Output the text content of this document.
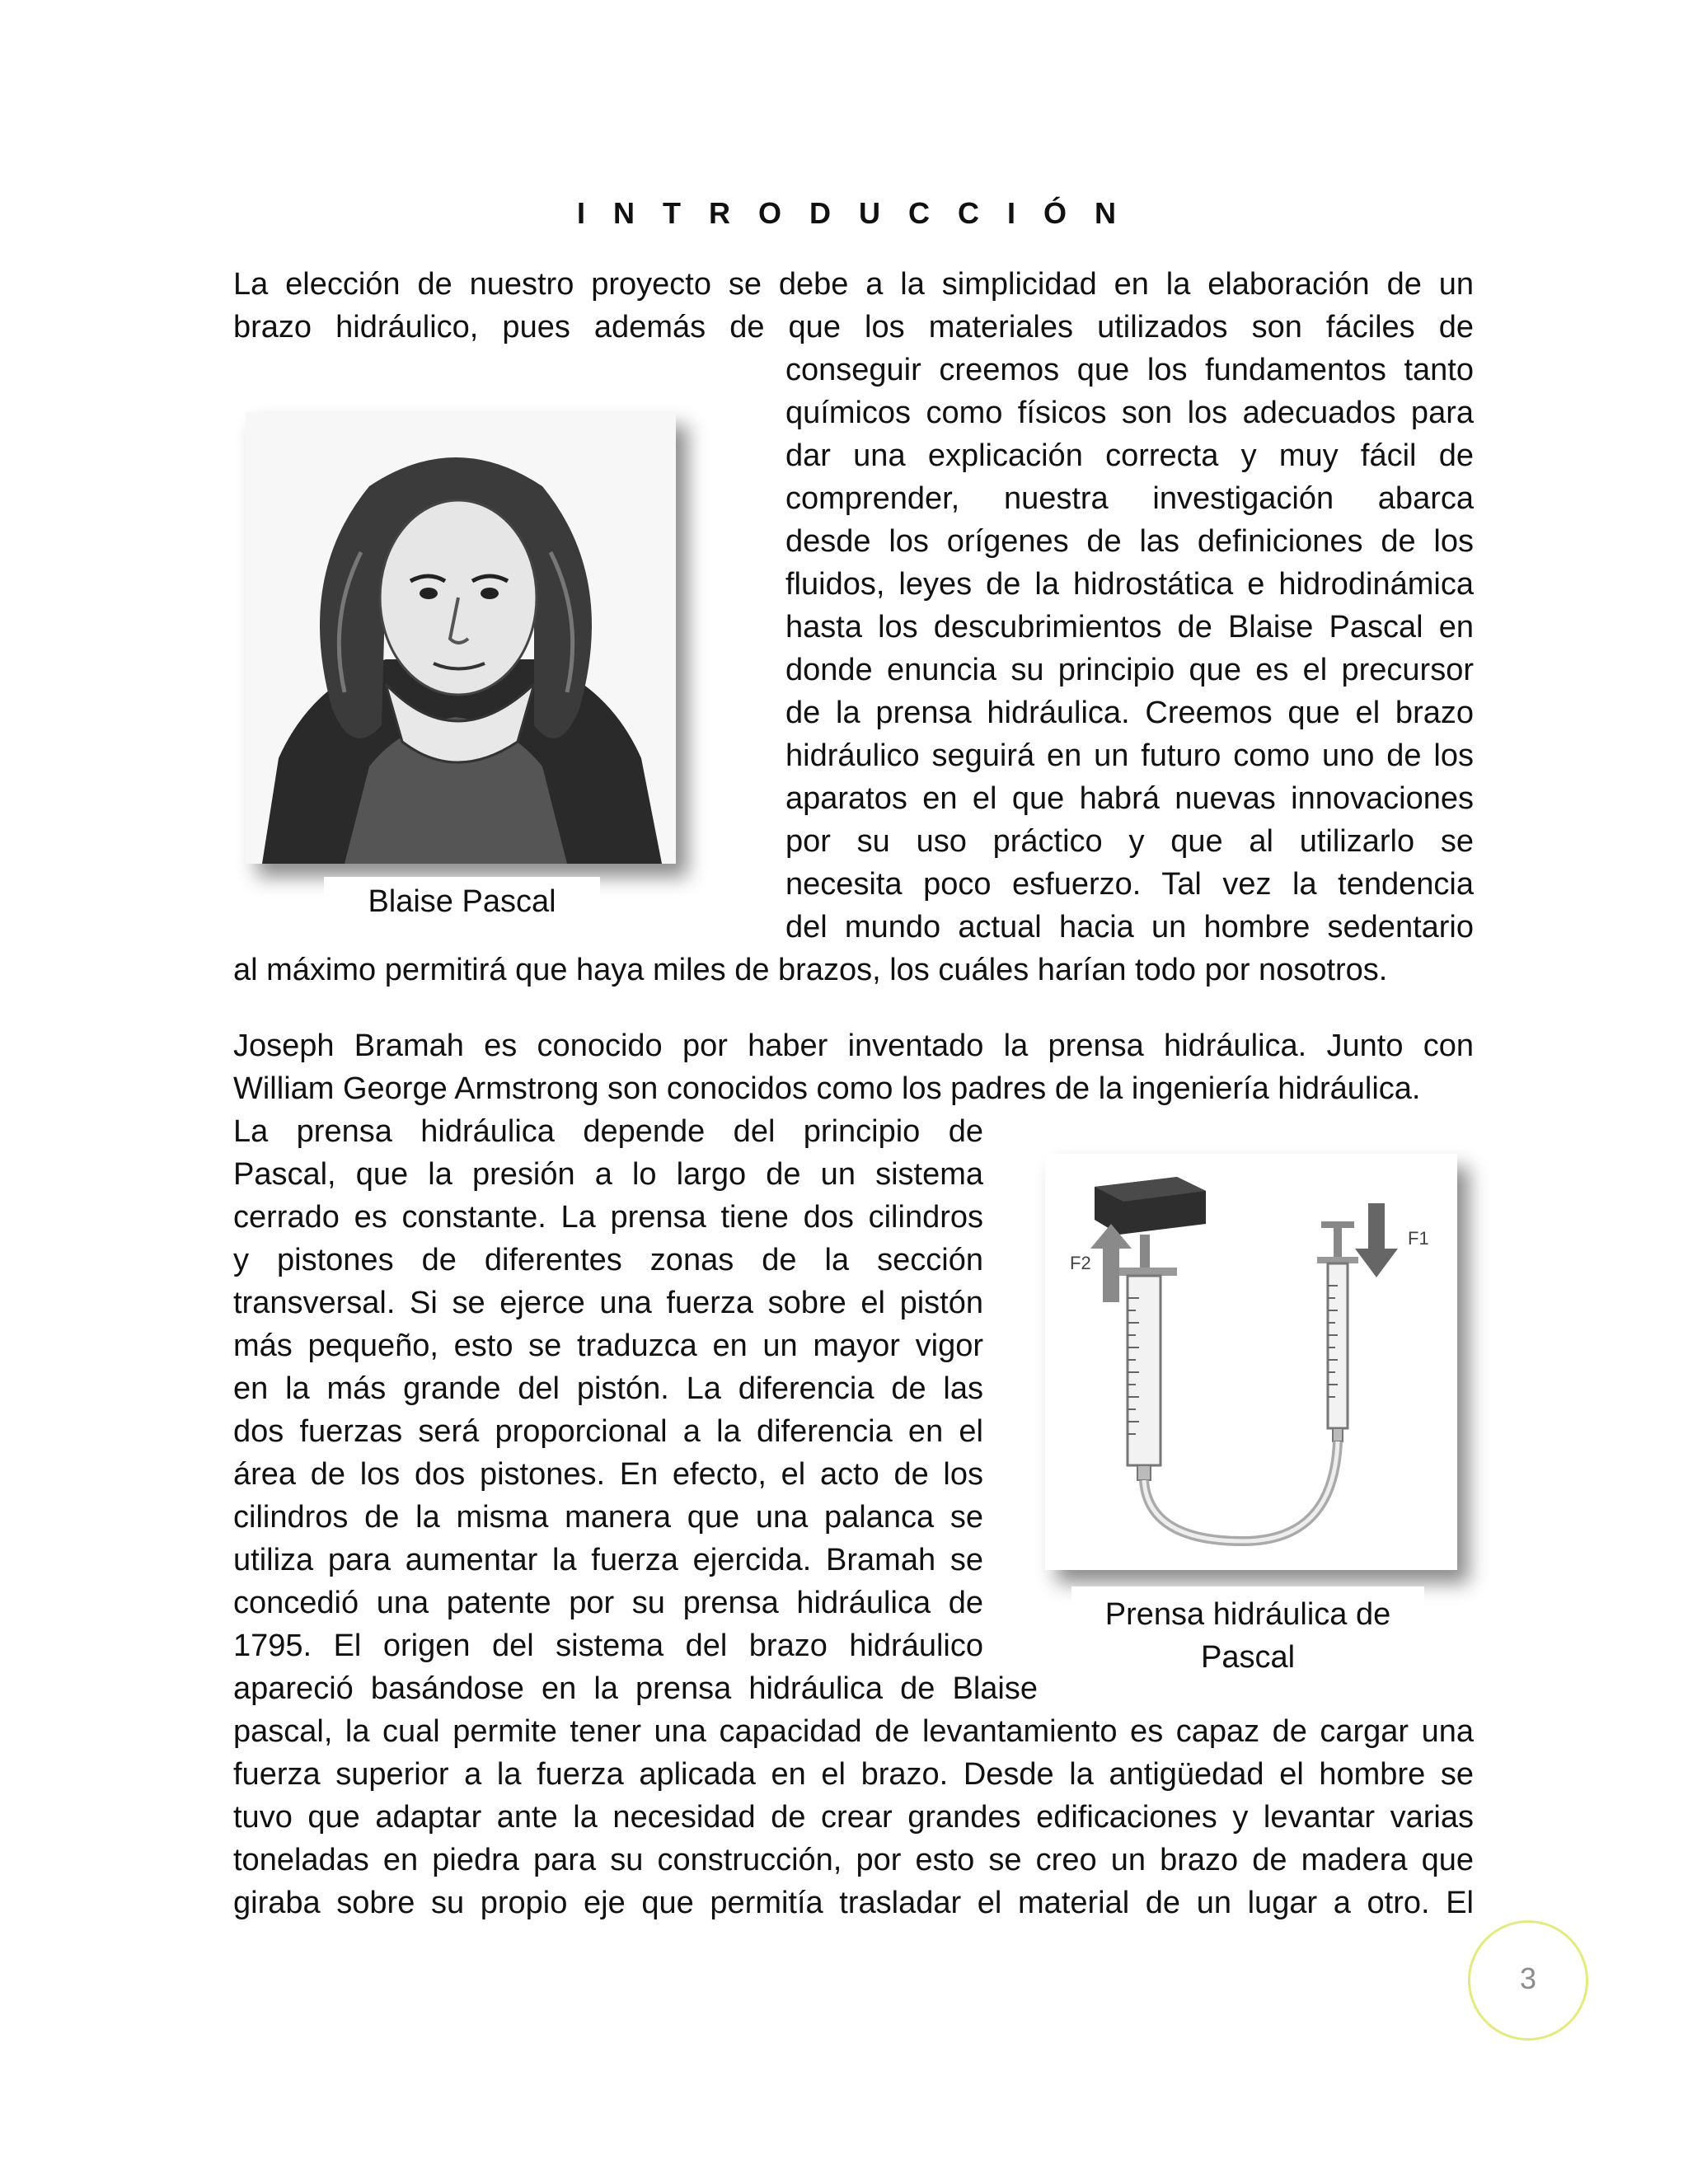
I N T R O D U C C I Ó N
La elección de nuestro proyecto se debe a la simplicidad en la elaboración de un
brazo hidráulico, pues además de que los materiales utilizados son fáciles de
conseguir creemos que los fundamentos tanto
químicos como físicos son los adecuados para
dar una explicación correcta y muy fácil de
comprender, nuestra investigación abarca
desde los orígenes de las definiciones de los
fluidos, leyes de la hidrostática e hidrodinámica
hasta los descubrimientos de Blaise Pascal en
donde enuncia su principio que es el precursor
de la prensa hidráulica. Creemos que el brazo
hidráulico seguirá en un futuro como uno de los
aparatos en el que habrá nuevas innovaciones
por su uso práctico y que al utilizarlo se
necesita poco esfuerzo. Tal vez la tendencia
del mundo actual hacia un hombre sedentario
al máximo permitirá que haya miles de brazos, los cuáles harían todo por nosotros.
Blaise Pascal
Joseph Bramah es conocido por haber inventado la prensa hidráulica. Junto con
William George Armstrong son conocidos como los padres de la ingeniería hidráulica.
La prensa hidráulica depende del principio de
Pascal, que la presión a lo largo de un sistema
cerrado es constante. La prensa tiene dos cilindros
y pistones de diferentes zonas de la sección
transversal. Si se ejerce una fuerza sobre el pistón
más pequeño, esto se traduzca en un mayor vigor
en la más grande del pistón. La diferencia de las
dos fuerzas será proporcional a la diferencia en el
área de los dos pistones. En efecto, el acto de los
cilindros de la misma manera que una palanca se
utiliza para aumentar la fuerza ejercida. Bramah se
concedió una patente por su prensa hidráulica de
1795. El origen del sistema del brazo hidráulico
apareció basándose en la prensa hidráulica de Blaise
pascal, la cual permite tener una capacidad de levantamiento es capaz de cargar una
fuerza superior a la fuerza aplicada en el brazo. Desde la antigüedad el hombre se
tuvo que adaptar ante la necesidad de crear grandes edificaciones y levantar varias
toneladas en piedra para su construcción, por esto se creo un brazo de madera que
giraba sobre su propio eje que permitía trasladar el material de un lugar a otro. El
F2
F1
Prensa hidráulica de
Pascal
3
